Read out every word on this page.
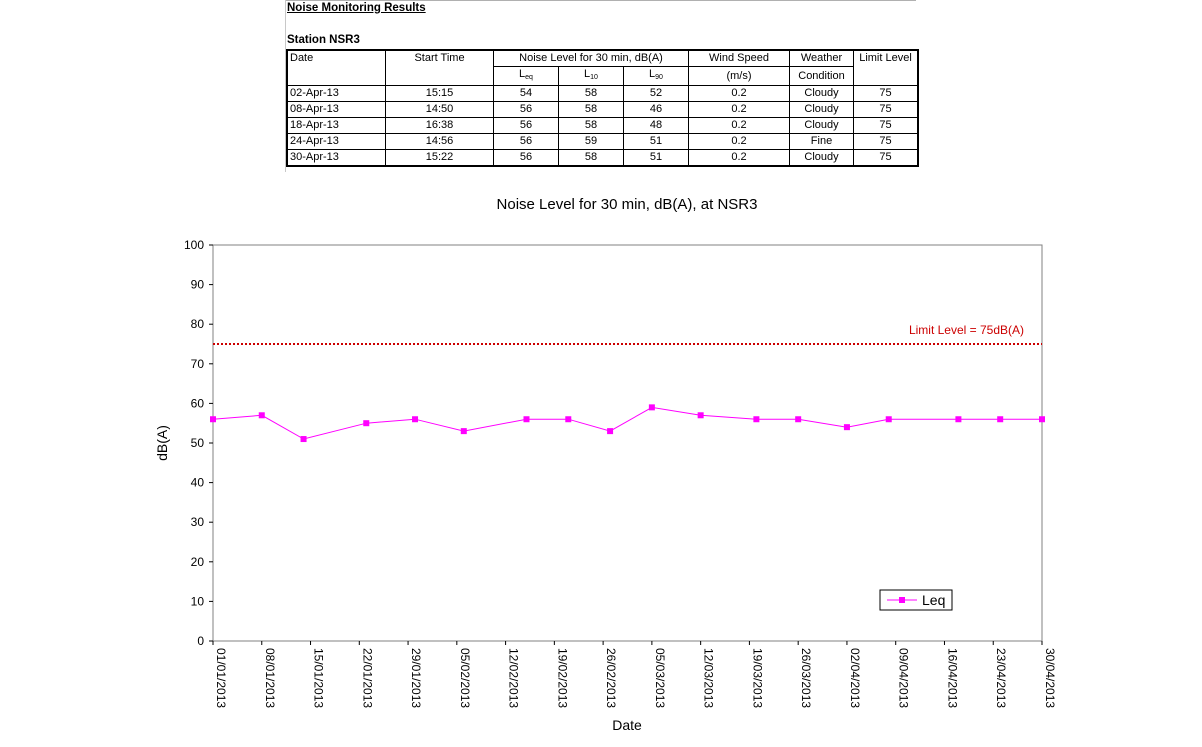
Noise Monitoring Results
Station NSR3
Date	Start Time	Noise Level for 30 min, dB(A)			Wind Speed	Weather	Limit Level
		$L_{eq}$	$L_{10}$	$L_{90}$	(m/s)	Condition	
02-Apr-13	15:15	54	58	52	0.2	Cloudy	75
08-Apr-13	14:50	56	58	46	0.2	Cloudy	75
18-Apr-13	16:38	56	58	48	0.2	Cloudy	75
24-Apr-13	14:56	56	59	51	0.2	Fine	75
30-Apr-13	15:22	56	58	51	0.2	Cloudy	75
Noise Level for 30 min, dB(A), at NSR3
Date
dB(A)
0
10
20
30
40
50
60
70
80
90
100
01/01/2013	08/01/2013	15/01/2013	22/01/2013	29/01/2013	05/02/2013	12/02/2013	19/02/2013	26/02/2013	05/03/2013	12/03/2013	19/03/2013	26/03/2013	02/04/2013	09/04/2013	16/04/2013	23/04/2013	30/04/2013
Limit Level = 75dB(A)
Leq
